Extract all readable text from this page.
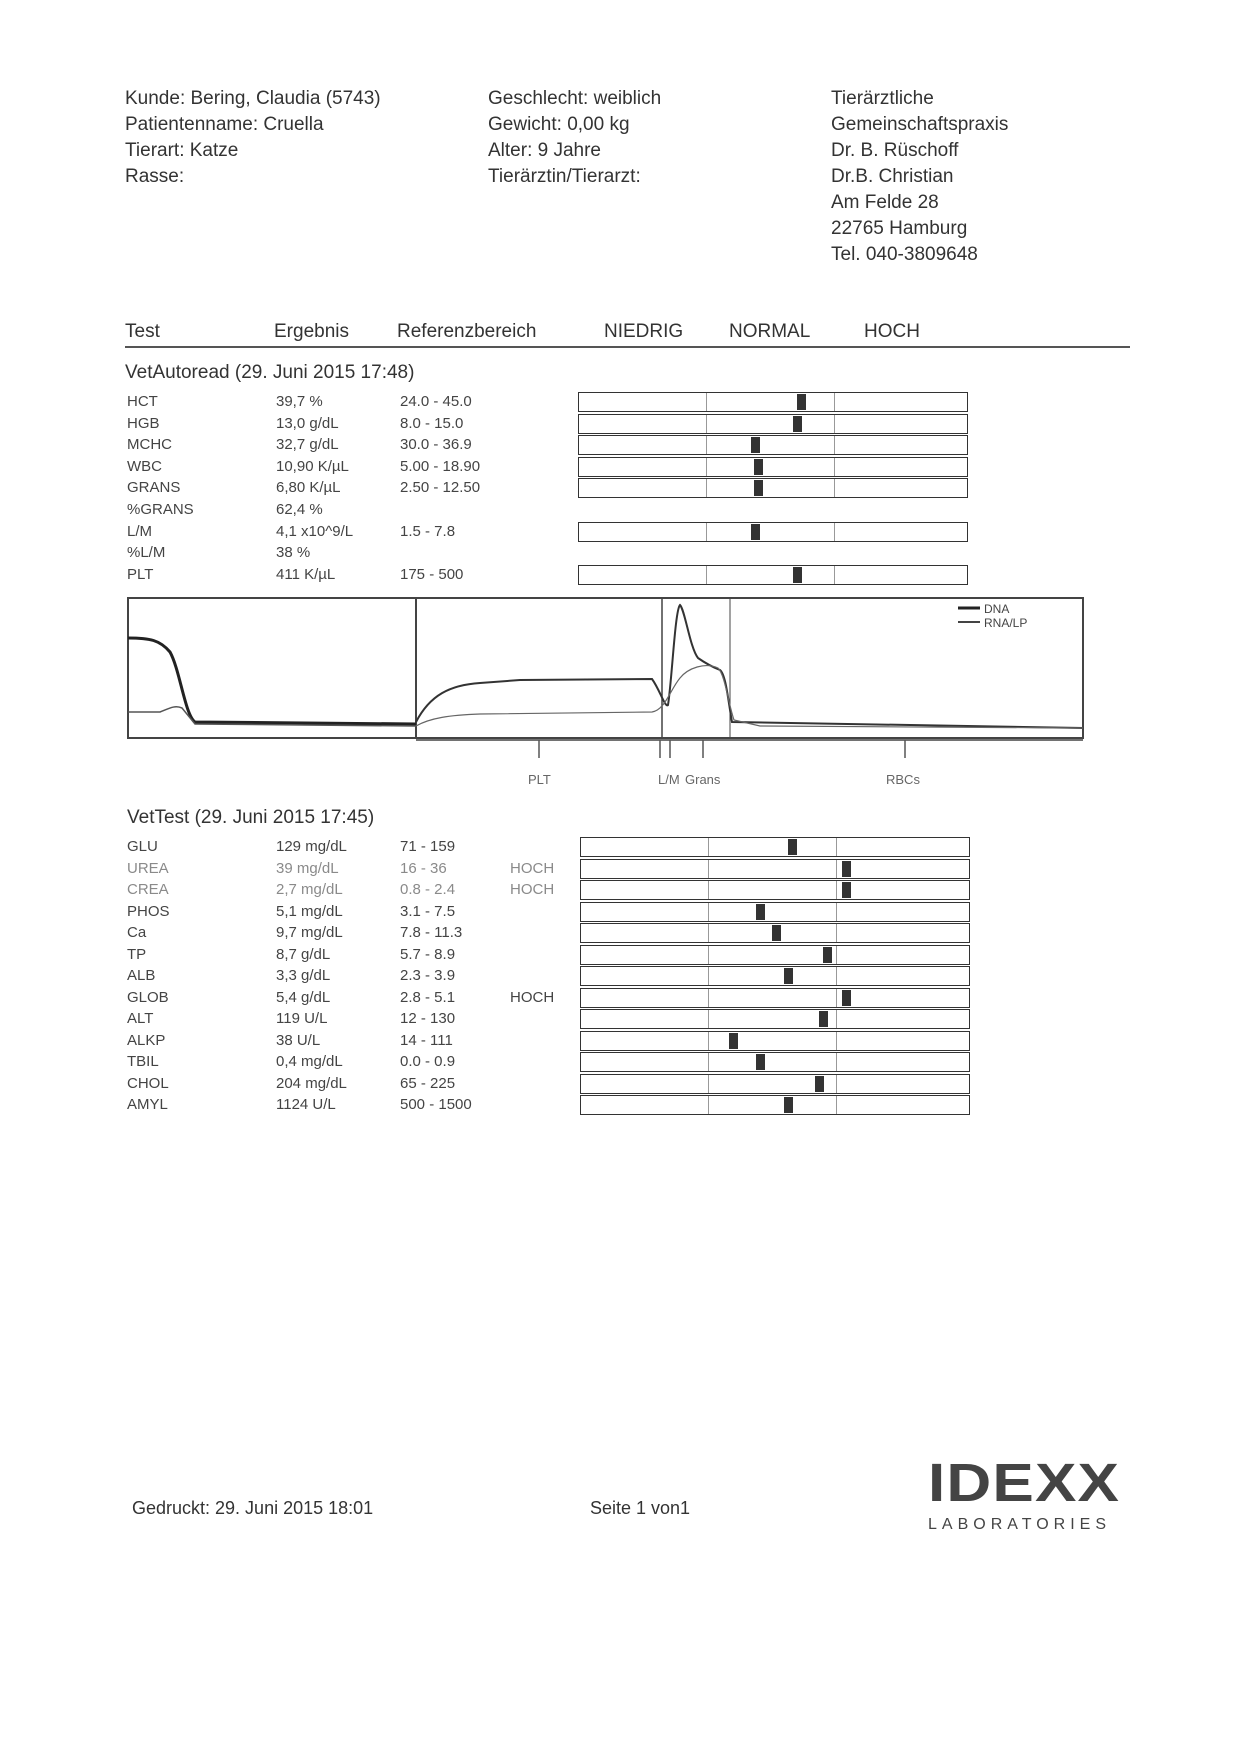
Kunde: Bering, Claudia (5743)
Patientenname: Cruella
Tierart: Katze
Rasse:
Geschlecht: weiblich
Gewicht: 0,00 kg
Alter: 9 Jahre
Tierärztin/Tierarzt:
Tierärztliche
Gemeinschaftspraxis
Dr. B. Rüschoff
Dr.B. Christian
Am Felde 28
22765 Hamburg
Tel. 040-3809648
Test	Ergebnis	Referenzbereich	NIEDRIG NORMAL	HOCH
VetAutoread (29. Juni 2015 17:48)
HCT	39,7 %	24.0 - 45.0
HGB	13,0 g/dL	8.0 - 15.0
MCHC	32,7 g/dL	30.0 - 36.9
WBC	10,90 K/µL	5.00 - 18.90
GRANS	6,80 K/µL	2.50 - 12.50
%GRANS	62,4 %
L/M	4,1 x10^9/L	1.5 - 7.8
%L/M	38 %
PLT	411 K/µL	175 - 500
DNA
RNA/LP
PLT	L/M Grans	RBCs
VetTest (29. Juni 2015 17:45)
GLU	129 mg/dL	71 - 159
UREA	39 mg/dL	16 - 36	HOCH
CREA	2,7 mg/dL	0.8 - 2.4	HOCH
PHOS	5,1 mg/dL	3.1 - 7.5
Ca	9,7 mg/dL	7.8 - 11.3
TP	8,7 g/dL	5.7 - 8.9
ALB	3,3 g/dL	2.3 - 3.9
GLOB	5,4 g/dL	2.8 - 5.1	HOCH
ALT	119 U/L	12 - 130
ALKP	38 U/L	14 - 111
TBIL	0,4 mg/dL	0.0 - 0.9
CHOL	204 mg/dL	65 - 225
AMYL	1124 U/L	500 - 1500
Gedruckt: 29. Juni 2015 18:01	Seite 1 von1	IDEXX
LABORATORIES
